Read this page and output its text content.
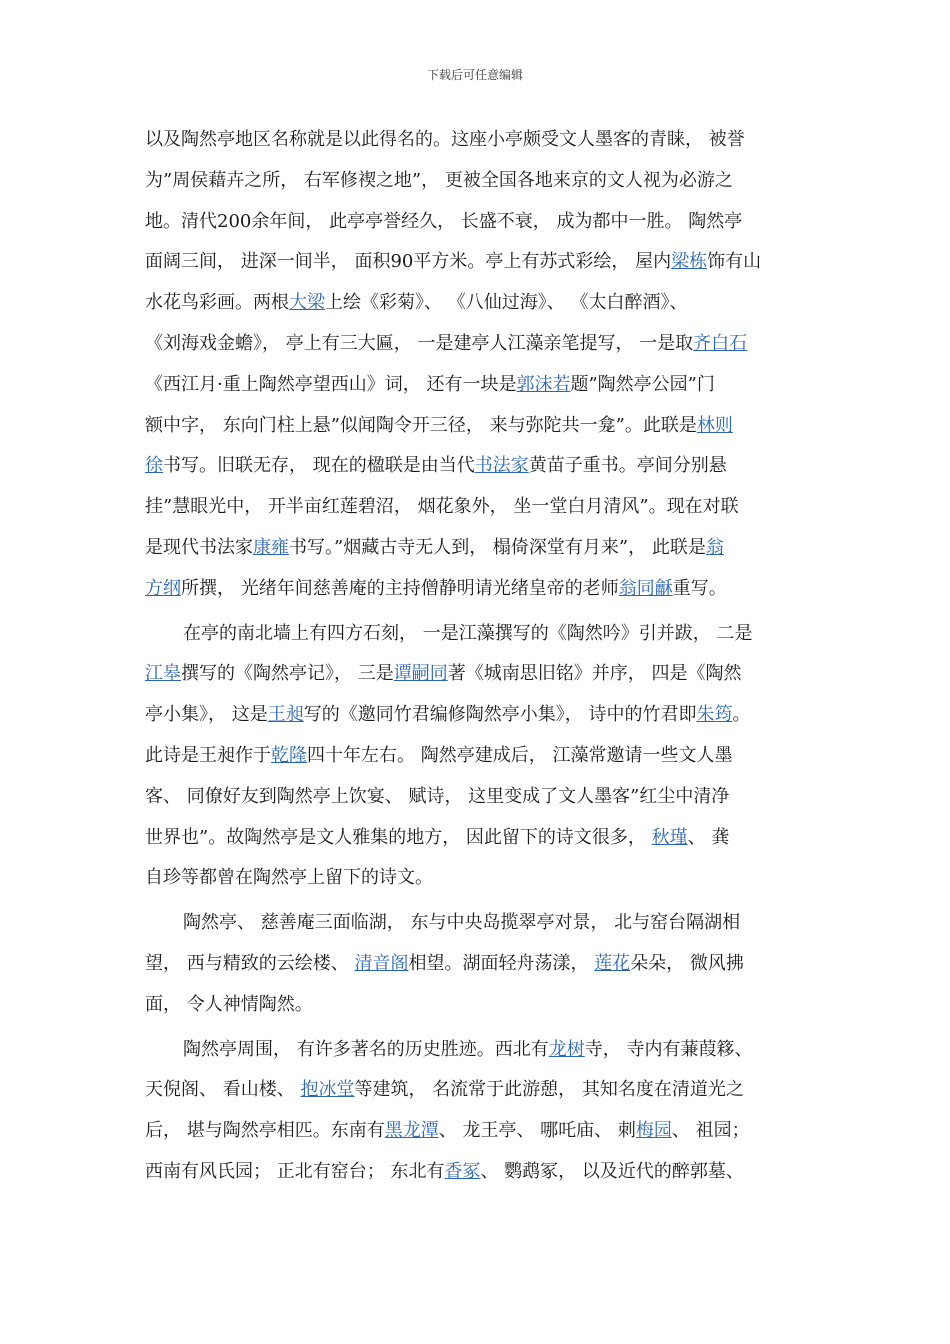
下载后可任意编辑
以及陶然亭地区名称就是以此得名的。这座小亭颇受文人墨客的青睐， 被誉
为”周侯藉卉之所， 右军修禊之地”， 更被全国各地来京的文人视为必游之
地。清代200余年间， 此亭亭誉经久， 长盛不衰， 成为都中一胜。 陶然亭
面阔三间， 进深一间半， 面积90平方米。亭上有苏式彩绘， 屋内梁栋饰有山
水花鸟彩画。两根大梁上绘《彩菊》、 《八仙过海》、 《太白醉酒》、
《刘海戏金蟾》， 亭上有三大匾， 一是建亭人江藻亲笔提写， 一是取齐白石
《西江月·重上陶然亭望西山》词， 还有一块是郭沫若题”陶然亭公园”门
额中字， 东向门柱上悬”似闻陶令开三径， 来与弥陀共一龛”。此联是林则
徐书写。旧联无存， 现在的楹联是由当代书法家黄苗子重书。亭间分别悬
挂”慧眼光中， 开半亩红莲碧沼， 烟花象外， 坐一堂白月清风”。现在对联
是现代书法家康雍书写。”烟藏古寺无人到， 榻倚深堂有月来”， 此联是翁
方纲所撰， 光绪年间慈善庵的主持僧静明请光绪皇帝的老师翁同龢重写。
在亭的南北墙上有四方石刻， 一是江藻撰写的《陶然吟》引并跋， 二是
江皋撰写的《陶然亭记》， 三是谭嗣同著《城南思旧铭》并序， 四是《陶然
亭小集》， 这是王昶写的《邀同竹君编修陶然亭小集》， 诗中的竹君即朱筠。
此诗是王昶作于乾隆四十年左右。 陶然亭建成后， 江藻常邀请一些文人墨
客、 同僚好友到陶然亭上饮宴、 赋诗， 这里变成了文人墨客”红尘中清净
世界也”。故陶然亭是文人雅集的地方， 因此留下的诗文很多， 秋瑾、 龚
自珍等都曾在陶然亭上留下的诗文。
陶然亭、 慈善庵三面临湖， 东与中央岛揽翠亭对景， 北与窑台隔湖相
望， 西与精致的云绘楼、 清音阁相望。湖面轻舟荡漾， 莲花朵朵， 微风拂
面， 令人神情陶然。
陶然亭周围， 有许多著名的历史胜迹。西北有龙树寺， 寺内有蒹葭簃、
天倪阁、 看山楼、 抱冰堂等建筑， 名流常于此游憩， 其知名度在清道光之
后， 堪与陶然亭相匹。东南有黑龙潭、 龙王亭、 哪吒庙、 刺梅园、 祖园；
西南有风氏园； 正北有窑台； 东北有香冢、 鹦鹉冢， 以及近代的醉郭墓、
